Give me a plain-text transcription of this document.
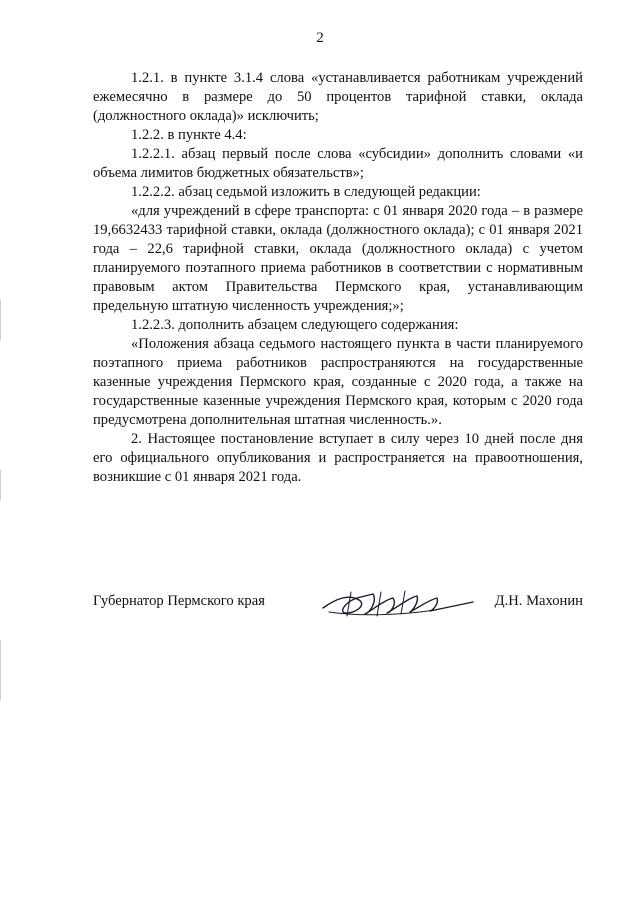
2

1.2.1. в пункте 3.1.4 слова «устанавливается работникам учреждений ежемесячно в размере до 50 процентов тарифной ставки, оклада (должностного оклада)» исключить;

1.2.2. в пункте 4.4:

1.2.2.1. абзац первый после слова «субсидии» дополнить словами «и объема лимитов бюджетных обязательств»;

1.2.2.2. абзац седьмой изложить в следующей редакции:

«для учреждений в сфере транспорта: с 01 января 2020 года – в размере 19,6632433 тарифной ставки, оклада (должностного оклада); с 01 января 2021 года – 22,6 тарифной ставки, оклада (должностного оклада) с учетом планируемого поэтапного приема работников в соответствии с нормативным правовым актом Правительства Пермского края, устанавливающим предельную штатную численность учреждения;»;

1.2.2.3. дополнить абзацем следующего содержания:

«Положения абзаца седьмого настоящего пункта в части планируемого поэтапного приема работников распространяются на государственные казенные учреждения Пермского края, созданные с 2020 года, а также на государственные казенные учреждения Пермского края, которым с 2020 года предусмотрена дополнительная штатная численность.».

2. Настоящее постановление вступает в силу через 10 дней после дня его официального опубликования и распространяется на правоотношения, возникшие с 01 января 2021 года.

Губернатор Пермского края	Д.Н. Махонин
